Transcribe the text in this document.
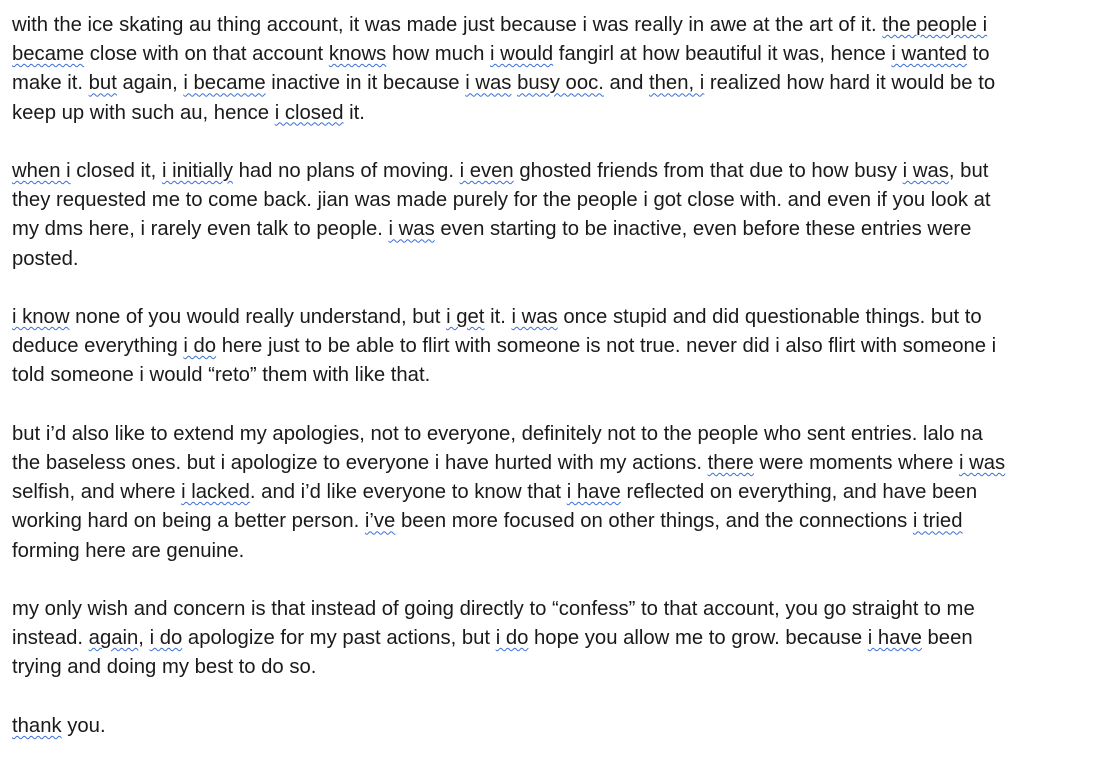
with the ice skating au thing account, it was made just because i was really in awe at the art of it. the people i
became close with on that account knows how much i would fangirl at how beautiful it was, hence i wanted to
make it. but again, i became inactive in it because i was busy ooc. and then, i realized how hard it would be to
keep up with such au, hence i closed it.

when i closed it, i initially had no plans of moving. i even ghosted friends from that due to how busy i was, but
they requested me to come back. jian was made purely for the people i got close with. and even if you look at
my dms here, i rarely even talk to people. i was even starting to be inactive, even before these entries were
posted.

i know none of you would really understand, but i get it. i was once stupid and did questionable things. but to
deduce everything i do here just to be able to flirt with someone is not true. never did i also flirt with someone i
told someone i would “reto” them with like that.

but i’d also like to extend my apologies, not to everyone, definitely not to the people who sent entries. lalo na
the baseless ones. but i apologize to everyone i have hurted with my actions. there were moments where i was
selfish, and where i lacked. and i’d like everyone to know that i have reflected on everything, and have been
working hard on being a better person. i’ve been more focused on other things, and the connections i tried
forming here are genuine.

my only wish and concern is that instead of going directly to “confess” to that account, you go straight to me
instead. again, i do apologize for my past actions, but i do hope you allow me to grow. because i have been
trying and doing my best to do so.

thank you.
